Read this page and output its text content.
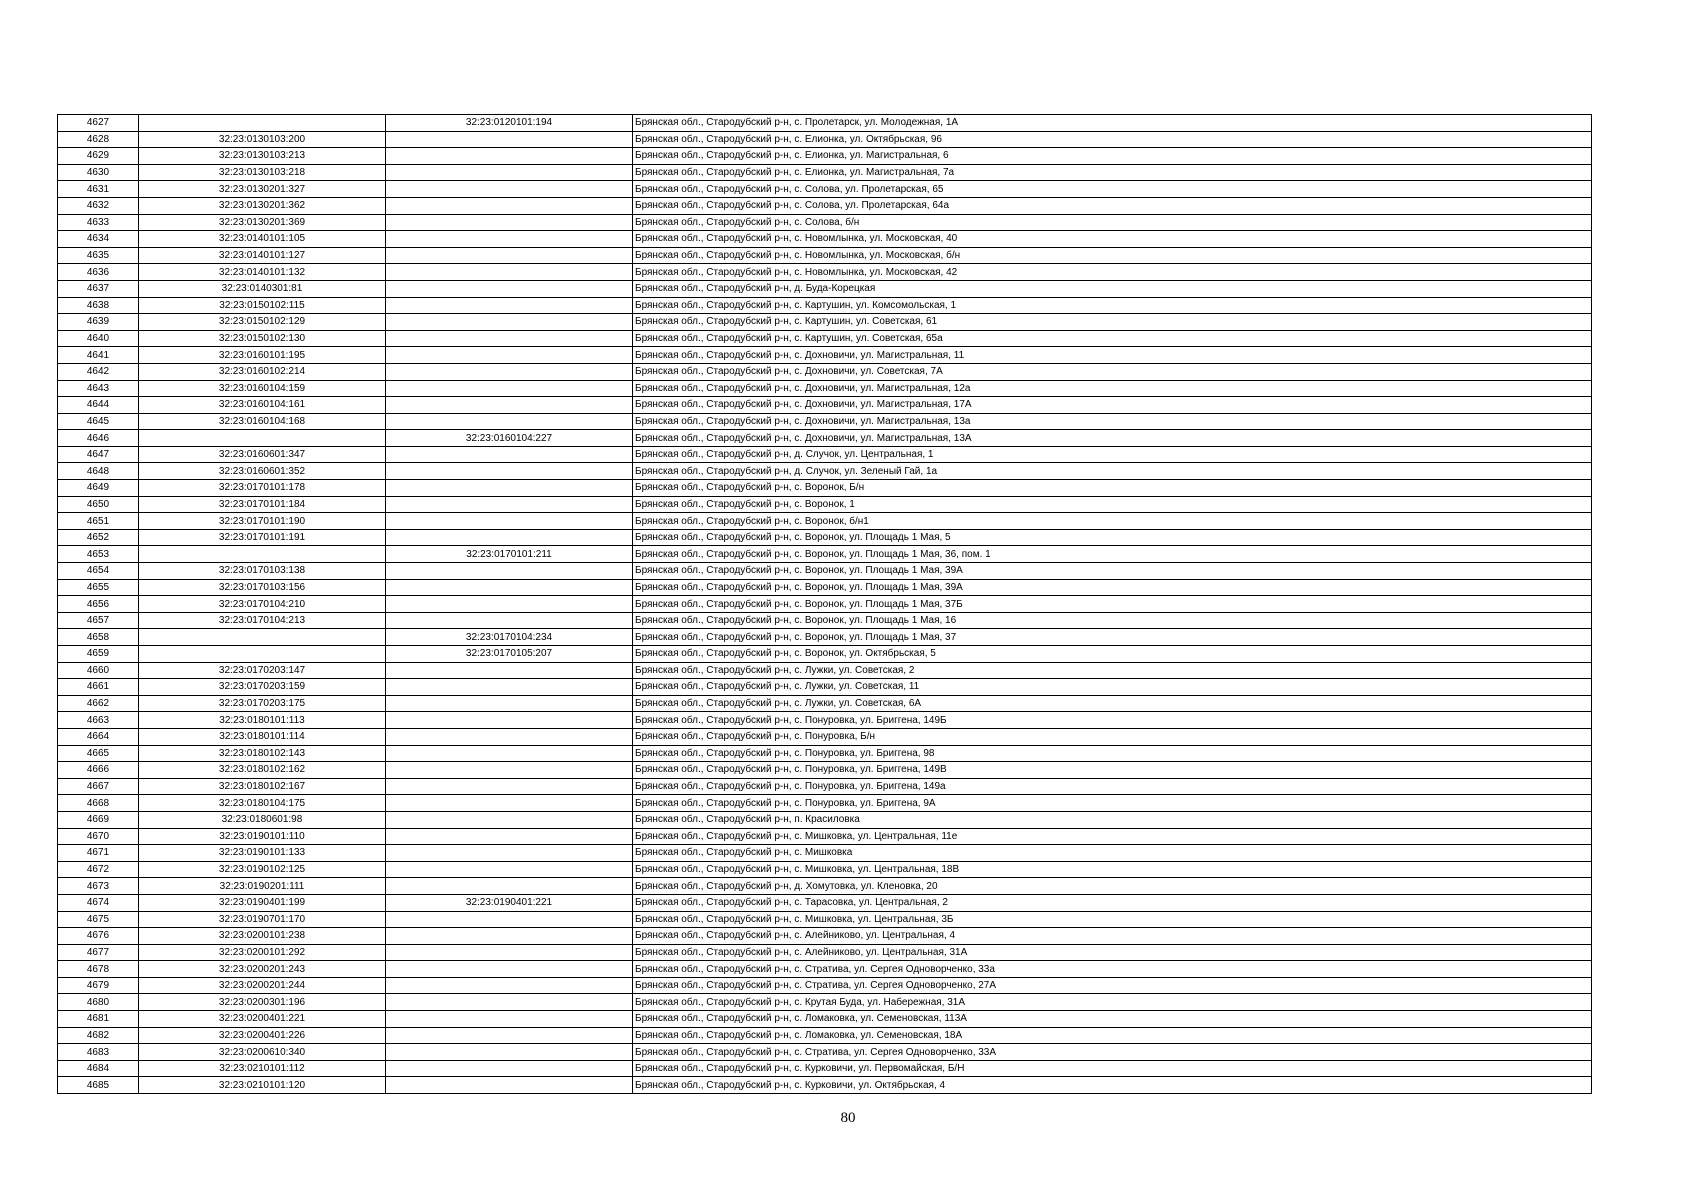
4627		32:23:0120101:194	Брянская обл., Стародубский р-н, с. Пролетарск, ул. Молодежная, 1А
4628	32:23:0130103:200		Брянская обл., Стародубский р-н, с. Елионка, ул. Октябрьская, 96
4629	32:23:0130103:213		Брянская обл., Стародубский р-н, с. Елионка, ул. Магистральная, 6
4630	32:23:0130103:218		Брянская обл., Стародубский р-н, с. Елионка, ул. Магистральная, 7а
4631	32:23:0130201:327		Брянская обл., Стародубский р-н, с. Солова, ул. Пролетарская, 65
4632	32:23:0130201:362		Брянская обл., Стародубский р-н, с. Солова, ул. Пролетарская, 64а
4633	32:23:0130201:369		Брянская обл., Стародубский р-н, с. Солова, б/н
4634	32:23:0140101:105		Брянская обл., Стародубский р-н, с. Новомлынка, ул. Московская, 40
4635	32:23:0140101:127		Брянская обл., Стародубский р-н, с. Новомлынка, ул. Московская, б/н
4636	32:23:0140101:132		Брянская обл., Стародубский р-н, с. Новомлынка, ул. Московская, 42
4637	32:23:0140301:81		Брянская обл., Стародубский р-н, д. Буда-Корецкая
4638	32:23:0150102:115		Брянская обл., Стародубский р-н, с. Картушин, ул. Комсомольская, 1
4639	32:23:0150102:129		Брянская обл., Стародубский р-н, с. Картушин, ул. Советская, 61
4640	32:23:0150102:130		Брянская обл., Стародубский р-н, с. Картушин, ул. Советская, 65а
4641	32:23:0160101:195		Брянская обл., Стародубский р-н, с. Дохновичи, ул. Магистральная, 11
4642	32:23:0160102:214		Брянская обл., Стародубский р-н, с. Дохновичи, ул. Советская, 7А
4643	32:23:0160104:159		Брянская обл., Стародубский р-н, с. Дохновичи, ул. Магистральная, 12а
4644	32:23:0160104:161		Брянская обл., Стародубский р-н, с. Дохновичи, ул. Магистральная, 17А
4645	32:23:0160104:168		Брянская обл., Стародубский р-н, с. Дохновичи, ул. Магистральная, 13а
4646		32:23:0160104:227	Брянская обл., Стародубский р-н, с. Дохновичи, ул. Магистральная, 13А
4647	32:23:0160601:347		Брянская обл., Стародубский р-н, д. Случок, ул. Центральная, 1
4648	32:23:0160601:352		Брянская обл., Стародубский р-н, д. Случок, ул. Зеленый Гай, 1а
4649	32:23:0170101:178		Брянская обл., Стародубский р-н, с. Воронок, Б/н
4650	32:23:0170101:184		Брянская обл., Стародубский р-н, с. Воронок, 1
4651	32:23:0170101:190		Брянская обл., Стародубский р-н, с. Воронок, б/н1
4652	32:23:0170101:191		Брянская обл., Стародубский р-н, с. Воронок, ул. Площадь 1 Мая, 5
4653		32:23:0170101:211	Брянская обл., Стародубский р-н, с. Воронок, ул. Площадь 1 Мая, 36, пом. 1
4654	32:23:0170103:138		Брянская обл., Стародубский р-н, с. Воронок, ул. Площадь 1 Мая, 39А
4655	32:23:0170103:156		Брянская обл., Стародубский р-н, с. Воронок, ул. Площадь 1 Мая, 39А
4656	32:23:0170104:210		Брянская обл., Стародубский р-н, с. Воронок, ул. Площадь 1 Мая, 37Б
4657	32:23:0170104:213		Брянская обл., Стародубский р-н, с. Воронок, ул. Площадь 1 Мая, 16
4658		32:23:0170104:234	Брянская обл., Стародубский р-н, с. Воронок, ул. Площадь 1 Мая, 37
4659		32:23:0170105:207	Брянская обл., Стародубский р-н, с. Воронок, ул. Октябрьская, 5
4660	32:23:0170203:147		Брянская обл., Стародубский р-н, с. Лужки, ул. Советская, 2
4661	32:23:0170203:159		Брянская обл., Стародубский р-н, с. Лужки, ул. Советская, 11
4662	32:23:0170203:175		Брянская обл., Стародубский р-н, с. Лужки, ул. Советская, 6А
4663	32:23:0180101:113		Брянская обл., Стародубский р-н, с. Понуровка, ул. Бриггена, 149Б
4664	32:23:0180101:114		Брянская обл., Стародубский р-н, с. Понуровка, Б/н
4665	32:23:0180102:143		Брянская обл., Стародубский р-н, с. Понуровка, ул. Бриггена, 98
4666	32:23:0180102:162		Брянская обл., Стародубский р-н, с. Понуровка, ул. Бриггена, 149В
4667	32:23:0180102:167		Брянская обл., Стародубский р-н, с. Понуровка, ул. Бриггена, 149а
4668	32:23:0180104:175		Брянская обл., Стародубский р-н, с. Понуровка, ул. Бриггена, 9А
4669	32:23:0180601:98		Брянская обл., Стародубский р-н, п. Красиловка
4670	32:23:0190101:110		Брянская обл., Стародубский р-н, с. Мишковка, ул. Центральная, 11е
4671	32:23:0190101:133		Брянская обл., Стародубский р-н, с. Мишковка
4672	32:23:0190102:125		Брянская обл., Стародубский р-н, с. Мишковка, ул. Центральная, 18В
4673	32:23:0190201:111		Брянская обл., Стародубский р-н, д. Хомутовка, ул. Кленовка, 20
4674	32:23:0190401:199	32:23:0190401:221	Брянская обл., Стародубский р-н, с. Тарасовка, ул. Центральная, 2
4675	32:23:0190701:170		Брянская обл., Стародубский р-н, с. Мишковка, ул. Центральная, 3Б
4676	32:23:0200101:238		Брянская обл., Стародубский р-н, с. Алейниково, ул. Центральная, 4
4677	32:23:0200101:292		Брянская обл., Стародубский р-н, с. Алейниково, ул. Центральная, 31А
4678	32:23:0200201:243		Брянская обл., Стародубский р-н, с. Стратива, ул. Сергея Одноворченко, 33а
4679	32:23:0200201:244		Брянская обл., Стародубский р-н, с. Стратива, ул. Сергея Одноворченко, 27А
4680	32:23:0200301:196		Брянская обл., Стародубский р-н, с. Крутая Буда, ул. Набережная, 31А
4681	32:23:0200401:221		Брянская обл., Стародубский р-н, с. Ломаковка, ул. Семеновская, 113А
4682	32:23:0200401:226		Брянская обл., Стародубский р-н, с. Ломаковка, ул. Семеновская, 18А
4683	32:23:0200610:340		Брянская обл., Стародубский р-н, с. Стратива, ул. Сергея Одноворченко, 33А
4684	32:23:0210101:112		Брянская обл., Стародубский р-н, с. Курковичи, ул. Первомайская, Б/Н
4685	32:23:0210101:120		Брянская обл., Стародубский р-н, с. Курковичи, ул. Октябрьская, 4
80
